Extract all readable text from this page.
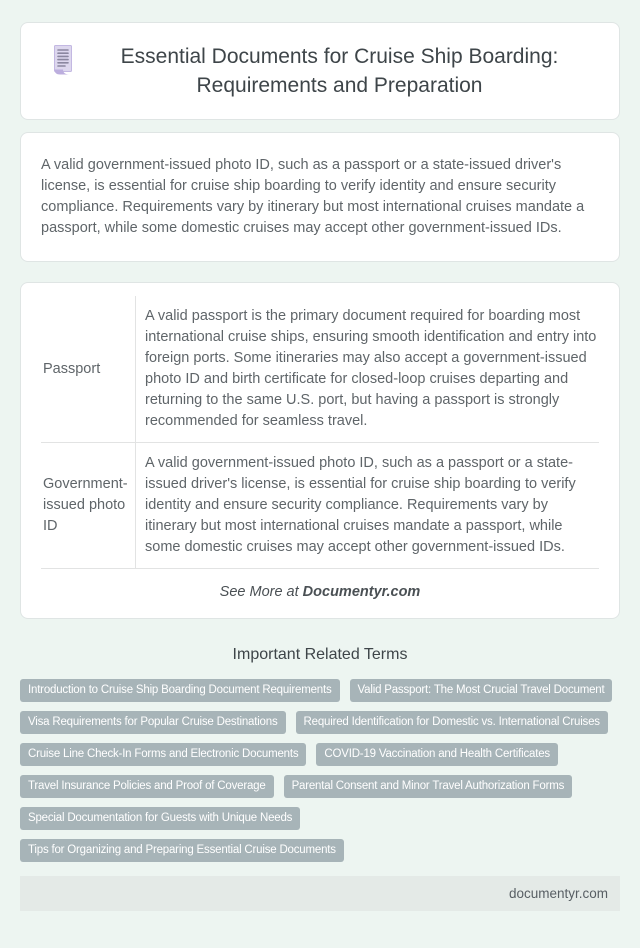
Essential Documents for Cruise Ship Boarding: Requirements and Preparation

A valid government-issued photo ID, such as a passport or a state-issued driver's license, is essential for cruise ship boarding to verify identity and ensure security compliance. Requirements vary by itinerary but most international cruises mandate a passport, while some domestic cruises may accept other government-issued IDs.

Passport	A valid passport is the primary document required for boarding most international cruise ships, ensuring smooth identification and entry into foreign ports. Some itineraries may also accept a government-issued photo ID and birth certificate for closed-loop cruises departing and returning to the same U.S. port, but having a passport is strongly recommended for seamless travel.
Government-issued photo ID	A valid government-issued photo ID, such as a passport or a state-issued driver's license, is essential for cruise ship boarding to verify identity and ensure security compliance. Requirements vary by itinerary but most international cruises mandate a passport, while some domestic cruises may accept other government-issued IDs.
See More at Documentyr.com
Important Related Terms
Introduction to Cruise Ship Boarding Document Requirements	Valid Passport: The Most Crucial Travel Document
Visa Requirements for Popular Cruise Destinations	Required Identification for Domestic vs. International Cruises
Cruise Line Check-In Forms and Electronic Documents	COVID-19 Vaccination and Health Certificates
Travel Insurance Policies and Proof of Coverage	Parental Consent and Minor Travel Authorization Forms
Special Documentation for Guests with Unique Needs
Tips for Organizing and Preparing Essential Cruise Documents
documentyr.com
